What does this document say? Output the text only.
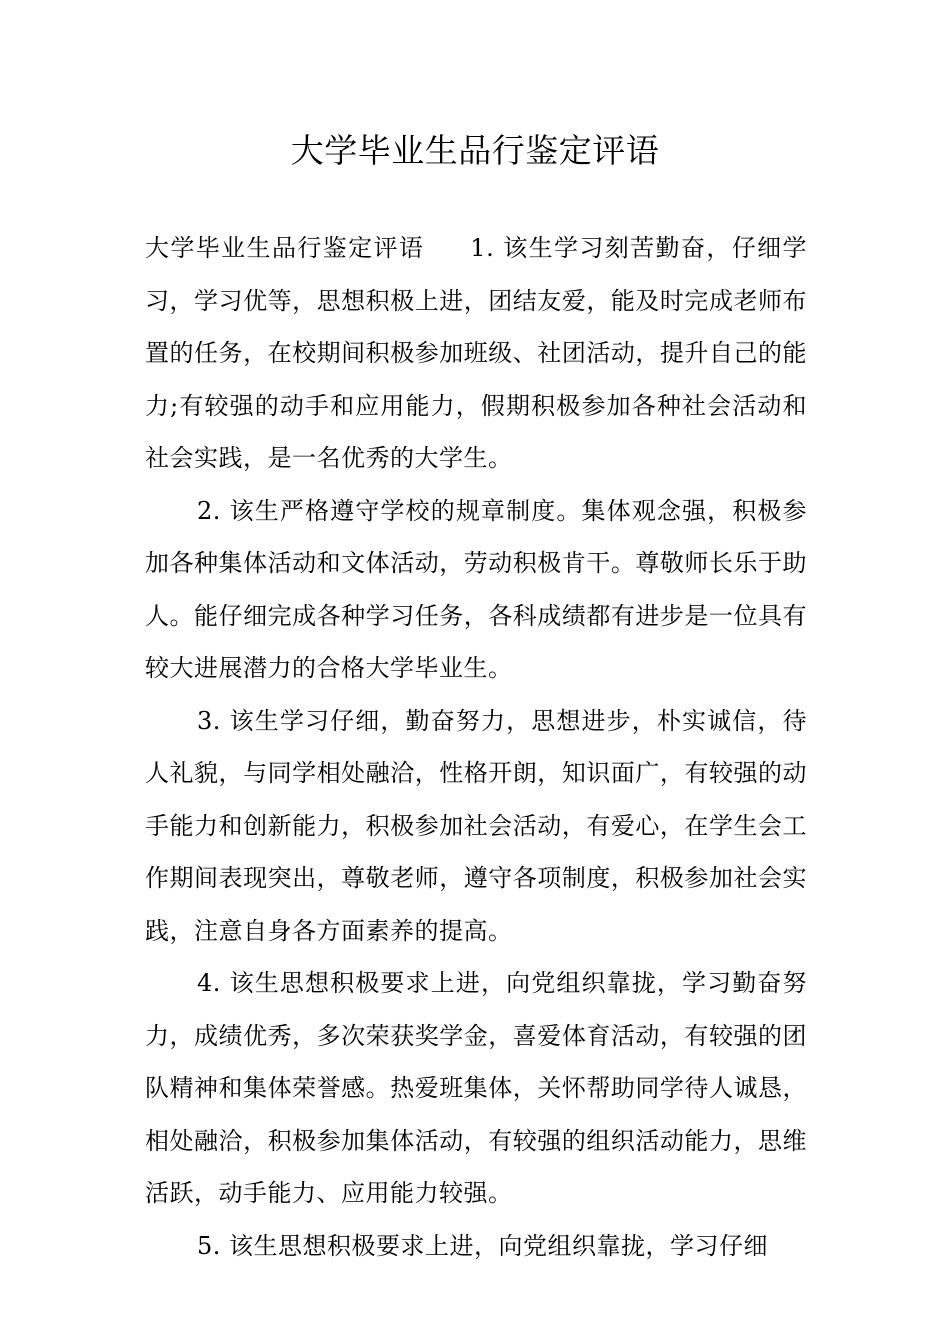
大学毕业生品行鉴定评语

大学毕业生品行鉴定评语 1. 该生学习刻苦勤奋，仔细学习，学习优等，思想积极上进，团结友爱，能及时完成老师布置的任务，在校期间积极参加班级、社团活动，提升自己的能力;有较强的动手和应用能力，假期积极参加各种社会活动和社会实践，是一名优秀的大学生。

2. 该生严格遵守学校的规章制度。集体观念强，积极参加各种集体活动和文体活动，劳动积极肯干。尊敬师长乐于助人。能仔细完成各种学习任务，各科成绩都有进步是一位具有较大进展潜力的合格大学毕业生。

3. 该生学习仔细，勤奋努力，思想进步，朴实诚信，待人礼貌，与同学相处融洽，性格开朗，知识面广，有较强的动手能力和创新能力，积极参加社会活动，有爱心，在学生会工作期间表现突出，尊敬老师，遵守各项制度，积极参加社会实践，注意自身各方面素养的提高。

4. 该生思想积极要求上进，向党组织靠拢，学习勤奋努力，成绩优秀，多次荣获奖学金，喜爱体育活动，有较强的团队精神和集体荣誉感。热爱班集体，关怀帮助同学待人诚恳，相处融洽，积极参加集体活动，有较强的组织活动能力，思维活跃，动手能力、应用能力较强。

5. 该生思想积极要求上进，向党组织靠拢，学习仔细
